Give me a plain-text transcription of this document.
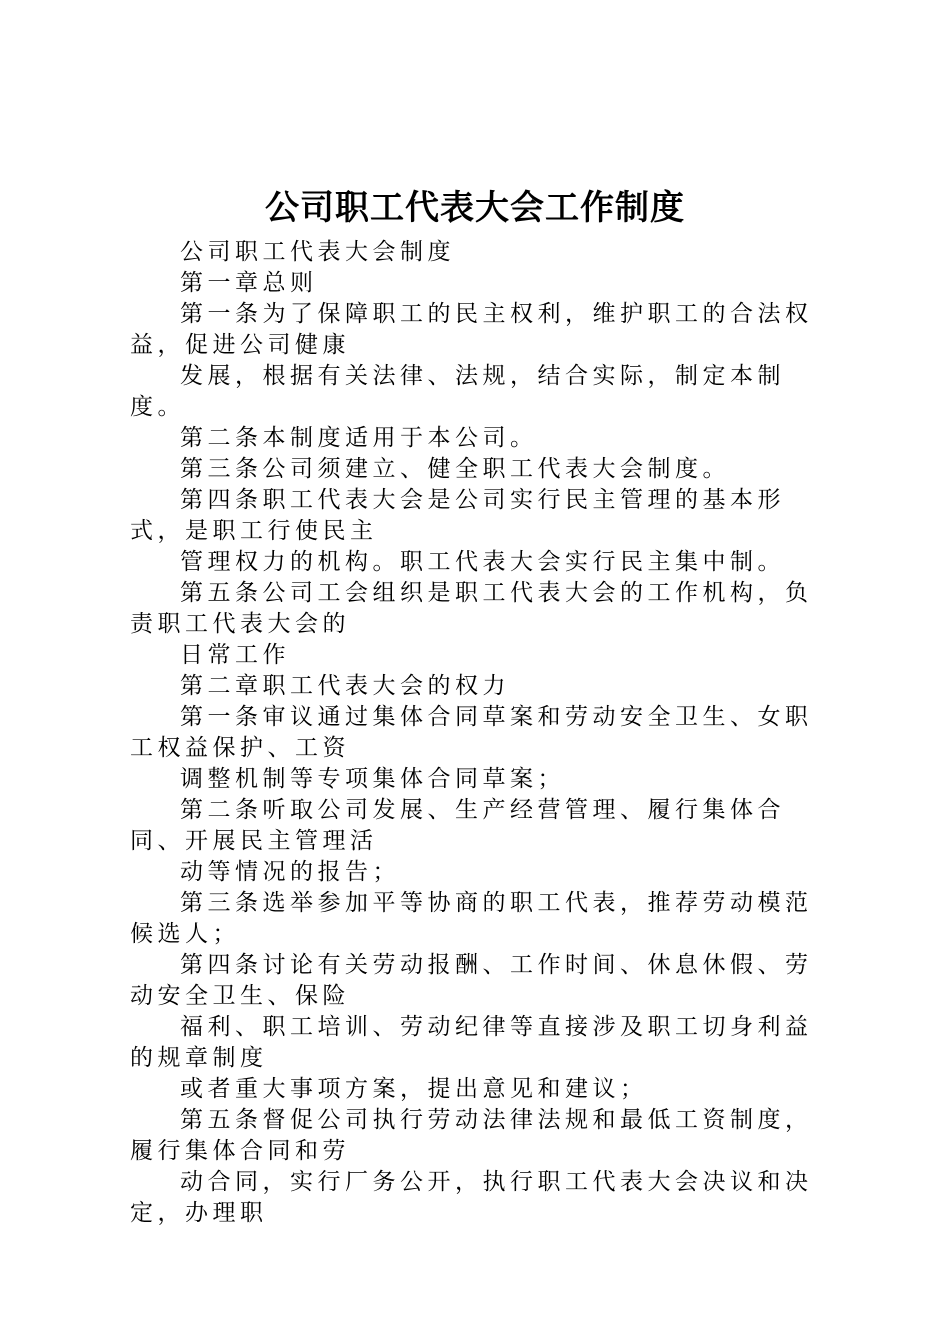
公司职工代表大会工作制度

公司职工代表大会制度

第一章总则

第一条为了保障职工的民主权利，维护职工的合法权益，促进公司健康

发展，根据有关法律、法规，结合实际，制定本制度。

第二条本制度适用于本公司。

第三条公司须建立、健全职工代表大会制度。

第四条职工代表大会是公司实行民主管理的基本形式，是职工行使民主

管理权力的机构。职工代表大会实行民主集中制。

第五条公司工会组织是职工代表大会的工作机构，负责职工代表大会的

日常工作

第二章职工代表大会的权力

第一条审议通过集体合同草案和劳动安全卫生、女职工权益保护、工资

调整机制等专项集体合同草案；

第二条听取公司发展、生产经营管理、履行集体合同、开展民主管理活

动等情况的报告；

第三条选举参加平等协商的职工代表，推荐劳动模范候选人；

第四条讨论有关劳动报酬、工作时间、休息休假、劳动安全卫生、保险

福利、职工培训、劳动纪律等直接涉及职工切身利益的规章制度

或者重大事项方案，提出意见和建议；

第五条督促公司执行劳动法律法规和最低工资制度，履行集体合同和劳

动合同，实行厂务公开，执行职工代表大会决议和决定，办理职
